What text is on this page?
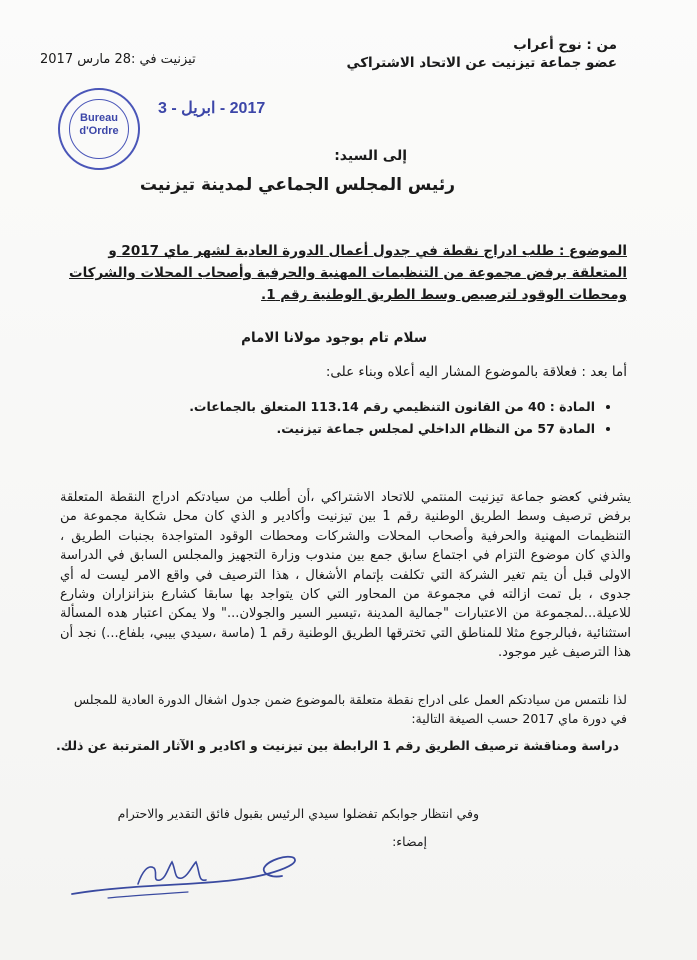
من : نوح أعراب
عضو جماعة تيزنيت عن الاتحاد الاشتراكي
تيزنيت في :28 مارس 2017
Bureau
d'Ordre
2017 - ابريل - 3
إلى السيد:
رئيس المجلس الجماعي لمدينة تيزنيت
الموضوع : طلب ادراج نقطة في جدول أعمال الدورة العادية لشهر ماي 2017 و المتعلقة برفض مجموعة من التنظيمات المهنية والحرفية وأصحاب المحلات والشركات ومحطات الوقود لترصيص وسط الطريق الوطنية رقم 1.
سلام تام بوجود مولانا الامام
أما بعد : فعلاقة بالموضوع المشار اليه أعلاه وبناء على:
• المادة : 40 من القانون التنظيمي رقم 113.14 المتعلق بالجماعات.
• المادة 57 من النظام الداخلي لمجلس جماعة تيزنيت.
يشرفني كعضو جماعة تيزنيت المنتمي للاتحاد الاشتراكي ،أن أطلب من سيادتكم ادراج النقطة المتعلقة برفض ترصيف وسط الطريق الوطنية رقم 1 بين تيزنيت وأكادير و الذي كان محل شكاية مجموعة من التنظيمات المهنية والحرفية وأصحاب المحلات والشركات ومحطات الوقود المتواجدة بجنبات الطريق ، والذي كان موضوع التزام في اجتماع سابق جمع بين مندوب وزارة التجهيز والمجلس السابق في الدراسة الاولى قبل أن يتم تغير الشركة التي تكلفت بإتمام الأشغال ، هذا الترصيف في واقع الامر ليست له أي جدوى ، بل تمت ازالته في مجموعة من المحاور التي كان يتواجد بها سابقا كشارع بنزانزاران وشارع للاعيلة...لمجموعة من الاعتبارات "جمالية المدينة ،تيسير السير والجولان..." ولا يمكن اعتبار هده المسألة استثنائية ،فبالرجوع مثلا للمناطق التي تخترقها الطريق الوطنية رقم 1 (ماسة ،سيدي بيبي، بلفاع...) نجد أن هذا الترصيف غير موجود.
لذا نلتمس من سيادتكم العمل على ادراج نقطة متعلقة بالموضوع ضمن جدول اشغال الدورة العادية للمجلس في دورة ماي 2017 حسب الصيغة التالية:
دراسة ومناقشة ترصيف الطريق رقم 1 الرابطة بين تيزنيت و اكادير و الآثار المترتبة عن ذلك.
وفي انتظار جوابكم تفضلوا سيدي الرئيس بقبول فائق التقدير والاحترام
إمضاء:
